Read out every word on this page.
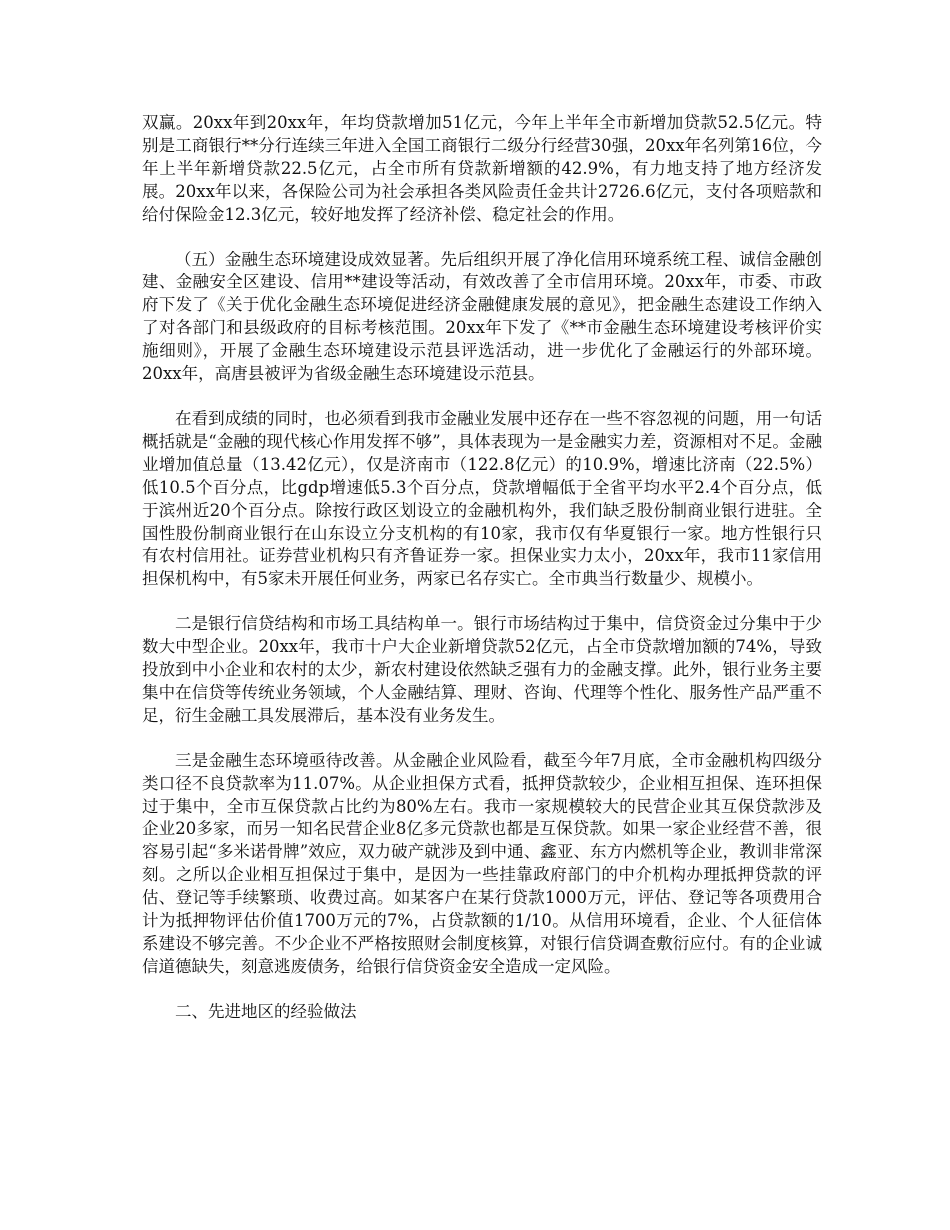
双赢。20xx年到20xx年，年均贷款增加51亿元，今年上半年全市新增加贷款52.5亿元。特别是工商银行**分行连续三年进入全国工商银行二级分行经营30强，20xx年名列第16位，今年上半年新增贷款22.5亿元，占全市所有贷款新增额的42.9%，有力地支持了地方经济发展。20xx年以来，各保险公司为社会承担各类风险责任金共计2726.6亿元，支付各项赔款和给付保险金12.3亿元，较好地发挥了经济补偿、稳定社会的作用。

（五）金融生态环境建设成效显著。先后组织开展了净化信用环境系统工程、诚信金融创建、金融安全区建设、信用**建设等活动，有效改善了全市信用环境。20xx年，市委、市政府下发了《关于优化金融生态环境促进经济金融健康发展的意见》，把金融生态建设工作纳入了对各部门和县级政府的目标考核范围。20xx年下发了《**市金融生态环境建设考核评价实施细则》，开展了金融生态环境建设示范县评选活动，进一步优化了金融运行的外部环境。20xx年，高唐县被评为省级金融生态环境建设示范县。

在看到成绩的同时，也必须看到我市金融业发展中还存在一些不容忽视的问题，用一句话概括就是“金融的现代核心作用发挥不够”，具体表现为一是金融实力差，资源相对不足。金融业增加值总量（13.42亿元），仅是济南市（122.8亿元）的10.9%，增速比济南（22.5%）低10.5个百分点，比gdp增速低5.3个百分点，贷款增幅低于全省平均水平2.4个百分点，低于滨州近20个百分点。除按行政区划设立的金融机构外，我们缺乏股份制商业银行进驻。全国性股份制商业银行在山东设立分支机构的有10家，我市仅有华夏银行一家。地方性银行只有农村信用社。证券营业机构只有齐鲁证券一家。担保业实力太小，20xx年，我市11家信用担保机构中，有5家未开展任何业务，两家已名存实亡。全市典当行数量少、规模小。

二是银行信贷结构和市场工具结构单一。银行市场结构过于集中，信贷资金过分集中于少数大中型企业。20xx年，我市十户大企业新增贷款52亿元，占全市贷款增加额的74%，导致投放到中小企业和农村的太少，新农村建设依然缺乏强有力的金融支撑。此外，银行业务主要集中在信贷等传统业务领域，个人金融结算、理财、咨询、代理等个性化、服务性产品严重不足，衍生金融工具发展滞后，基本没有业务发生。

三是金融生态环境亟待改善。从金融企业风险看，截至今年7月底，全市金融机构四级分类口径不良贷款率为11.07%。从企业担保方式看，抵押贷款较少，企业相互担保、连环担保过于集中，全市互保贷款占比约为80%左右。我市一家规模较大的民营企业其互保贷款涉及企业20多家，而另一知名民营企业8亿多元贷款也都是互保贷款。如果一家企业经营不善，很容易引起“多米诺骨牌”效应，双力破产就涉及到中通、鑫亚、东方内燃机等企业，教训非常深刻。之所以企业相互担保过于集中，是因为一些挂靠政府部门的中介机构办理抵押贷款的评估、登记等手续繁琐、收费过高。如某客户在某行贷款1000万元，评估、登记等各项费用合计为抵押物评估价值1700万元的7%，占贷款额的1/10。从信用环境看，企业、个人征信体系建设不够完善。不少企业不严格按照财会制度核算，对银行信贷调查敷衍应付。有的企业诚信道德缺失，刻意逃废债务，给银行信贷资金安全造成一定风险。

二、先进地区的经验做法
